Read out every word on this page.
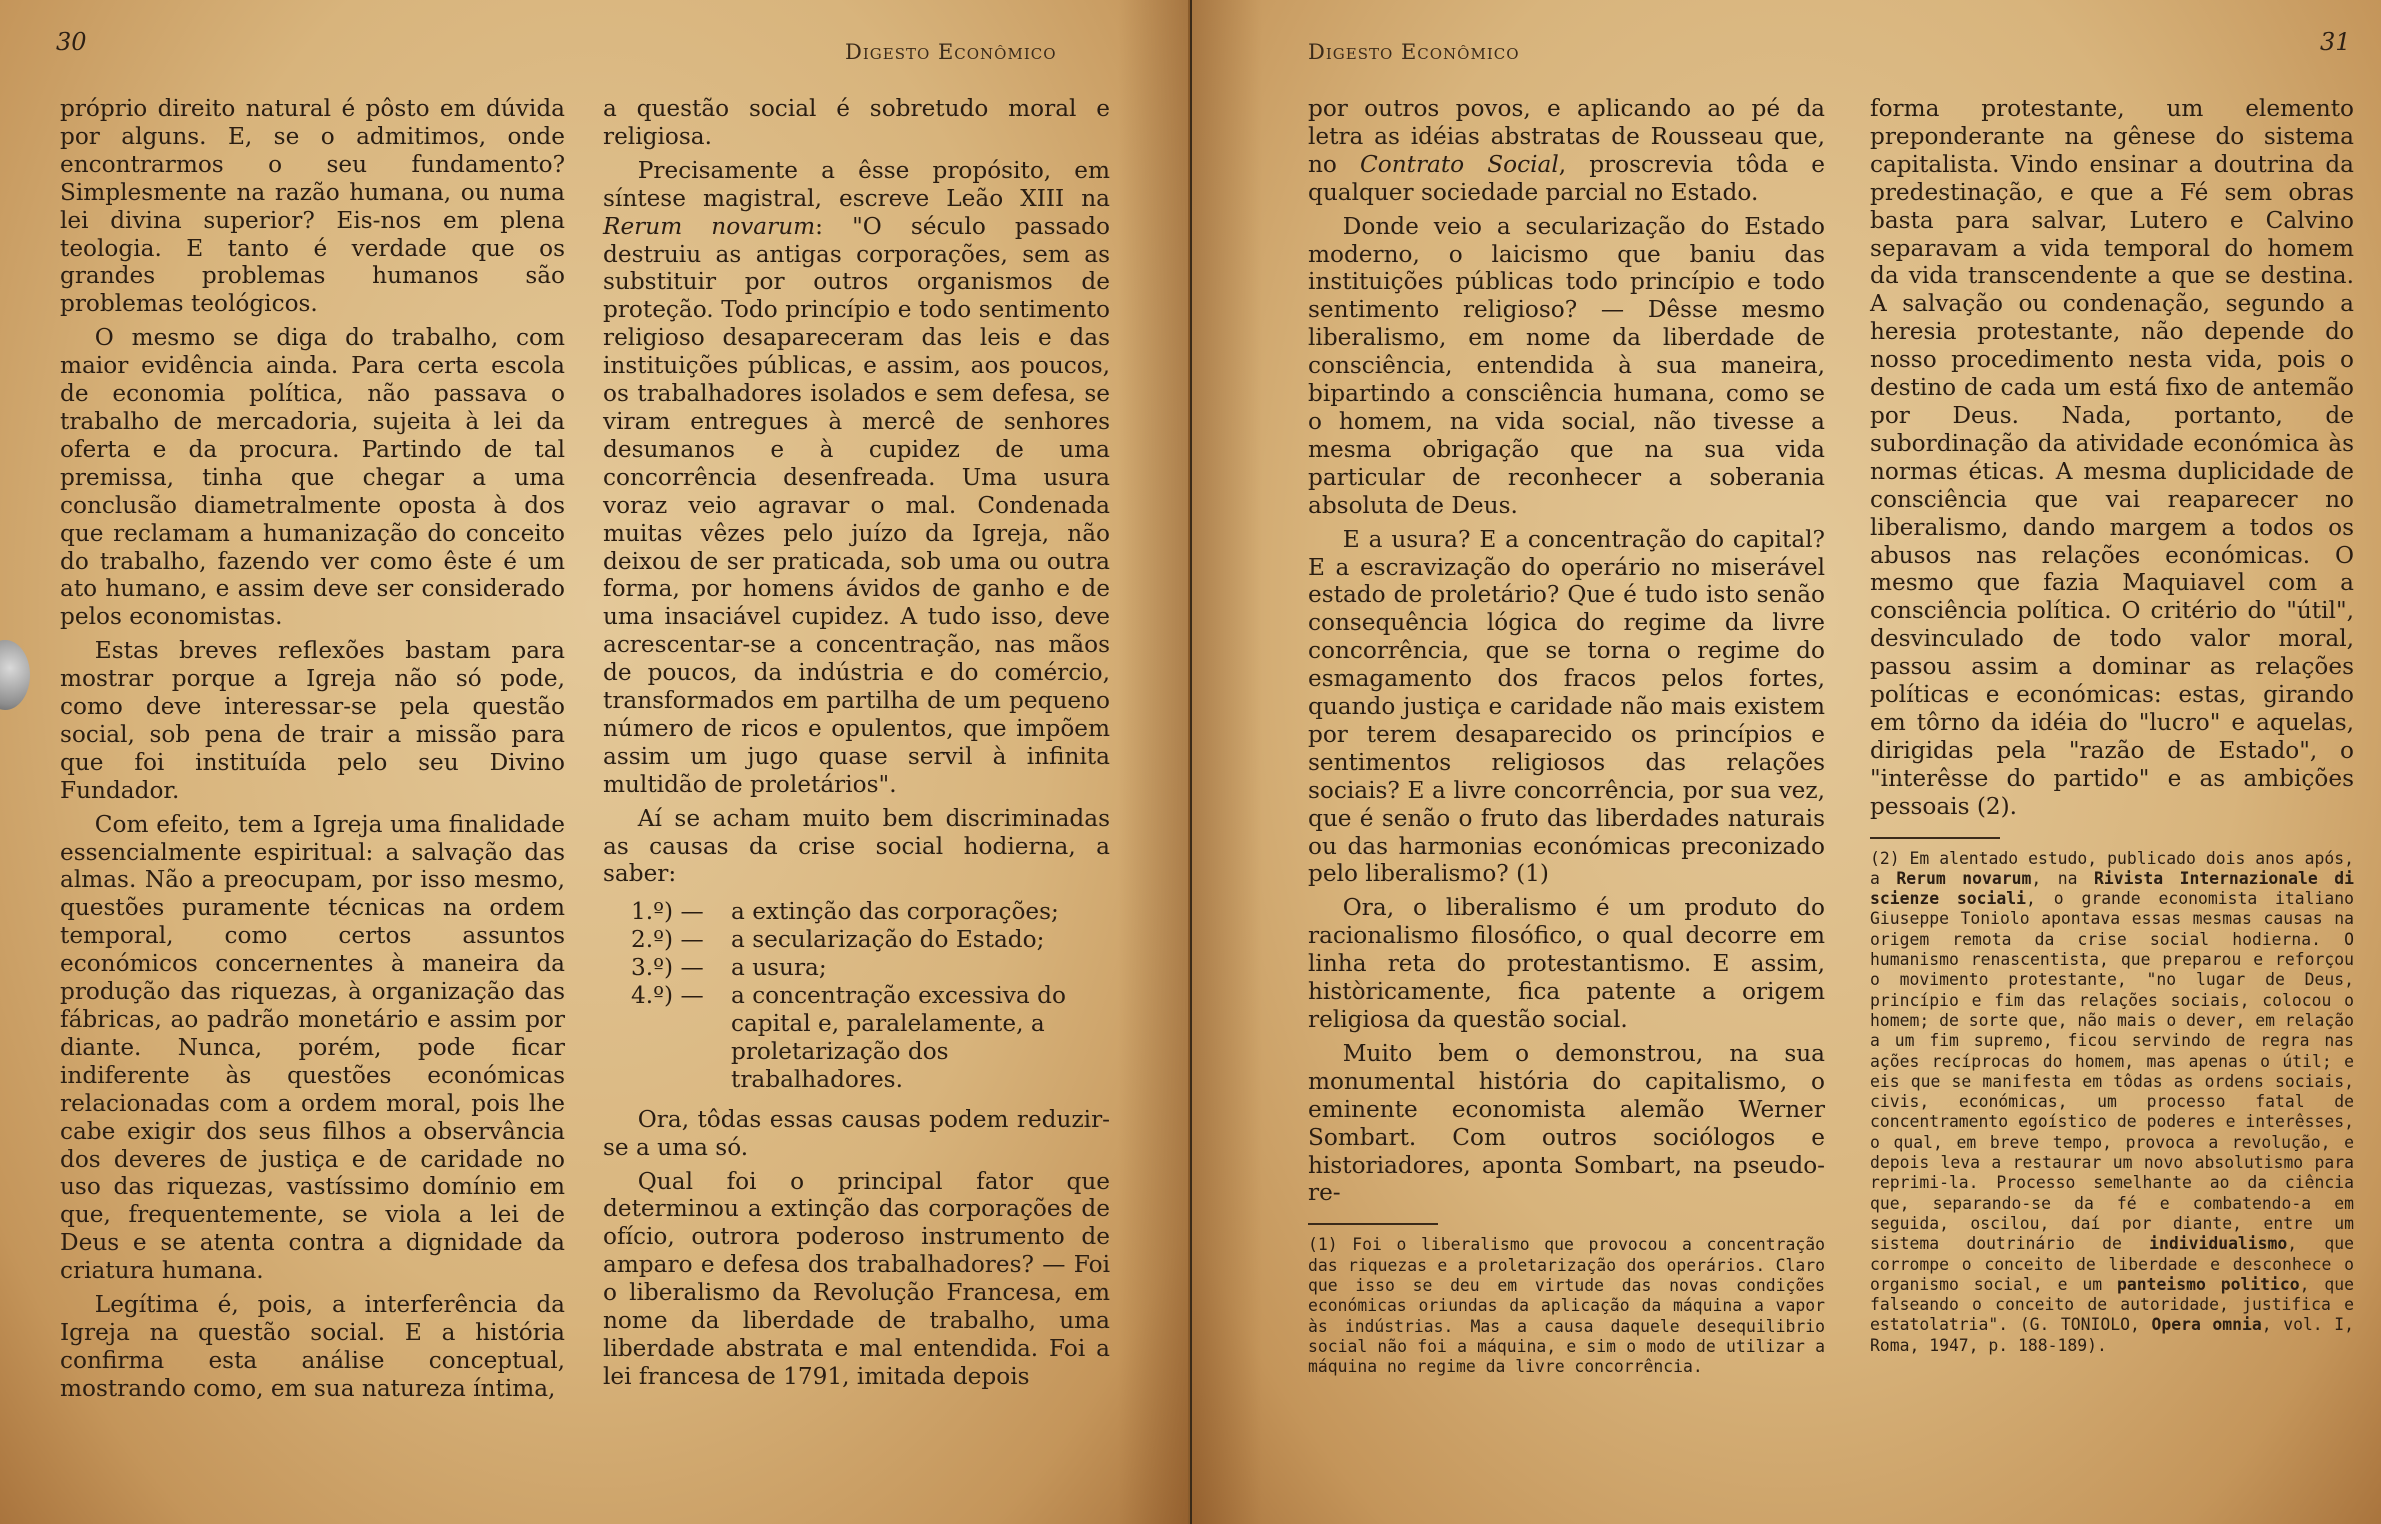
30	Digesto Econômico

próprio direito natural é pôsto em dúvida por alguns. E, se o admitimos, onde encontrarmos o seu fundamento? Simplesmente na razão humana, ou numa lei divina superior? Eis-nos em plena teologia. E tanto é verdade que os grandes problemas humanos são problemas teológicos.

O mesmo se diga do trabalho, com maior evidência ainda. Para certa escola de economia política, não passava o trabalho de mercadoria, sujeita à lei da oferta e da procura. Partindo de tal premissa, tinha que chegar a uma conclusão diametralmente oposta à dos que reclamam a humanização do conceito do trabalho, fazendo ver como êste é um ato humano, e assim deve ser considerado pelos economistas.

Estas breves reflexões bastam para mostrar porque a Igreja não só pode, como deve interessar-se pela questão social, sob pena de trair a missão para que foi instituída pelo seu Divino Fundador.

Com efeito, tem a Igreja uma finalidade essencialmente espiritual: a salvação das almas. Não a preocupam, por isso mesmo, questões puramente técnicas na ordem temporal, como certos assuntos económicos concernentes à maneira da produção das riquezas, à organização das fábricas, ao padrão monetário e assim por diante. Nunca, porém, pode ficar indiferente às questões económicas relacionadas com a ordem moral, pois lhe cabe exigir dos seus filhos a observância dos deveres de justiça e de caridade no uso das riquezas, vastíssimo domínio em que, frequentemente, se viola a lei de Deus e se atenta contra a dignidade da criatura humana.

Legítima é, pois, a interferência da Igreja na questão social. E a história confirma esta análise conceptual, mostrando como, em sua natureza íntima,

a questão social é sobretudo moral e religiosa.

Precisamente a êsse propósito, em síntese magistral, escreve Leão XIII na Rerum novarum: "O século passado destruiu as antigas corporações, sem as substituir por outros organismos de proteção. Todo princípio e todo sentimento religioso desapareceram das leis e das instituições públicas, e assim, aos poucos, os trabalhadores isolados e sem defesa, se viram entregues à mercê de senhores desumanos e à cupidez de uma concorrência desenfreada. Uma usura voraz veio agravar o mal. Condenada muitas vêzes pelo juízo da Igreja, não deixou de ser praticada, sob uma ou outra forma, por homens ávidos de ganho e de uma insaciável cupidez. A tudo isso, deve acrescentar-se a concentração, nas mãos de poucos, da indústria e do comércio, transformados em partilha de um pequeno número de ricos e opulentos, que impõem assim um jugo quase servil à infinita multidão de proletários".

Aí se acham muito bem discriminadas as causas da crise social hodierna, a saber:

1.º) —	a extinção das corporações;
2.º) —	a secularização do Estado;
3.º) —	a usura;
4.º) —	a concentração excessiva do capital e, paralelamente, a proletarização dos trabalhadores.

Ora, tôdas essas causas podem reduzir-se a uma só.

Qual foi o principal fator que determinou a extinção das corporações de ofício, outrora poderoso instrumento de amparo e defesa dos trabalhadores? — Foi o liberalismo da Revolução Francesa, em nome da liberdade de trabalho, uma liberdade abstrata e mal entendida. Foi a lei francesa de 1791, imitada depois

Digesto Econômico	31

por outros povos, e aplicando ao pé da letra as idéias abstratas de Rousseau que, no Contrato Social, proscrevia tôda e qualquer sociedade parcial no Estado.

Donde veio a secularização do Estado moderno, o laicismo que baniu das instituições públicas todo princípio e todo sentimento religioso? — Dêsse mesmo liberalismo, em nome da liberdade de consciência, entendida à sua maneira, bipartindo a consciência humana, como se o homem, na vida social, não tivesse a mesma obrigação que na sua vida particular de reconhecer a soberania absoluta de Deus.

E a usura? E a concentração do capital? E a escravização do operário no miserável estado de proletário? Que é tudo isto senão consequência lógica do regime da livre concorrência, que se torna o regime do esmagamento dos fracos pelos fortes, quando justiça e caridade não mais existem por terem desaparecido os princípios e sentimentos religiosos das relações sociais? E a livre concorrência, por sua vez, que é senão o fruto das liberdades naturais ou das harmonias económicas preconizado pelo liberalismo? (1)

Ora, o liberalismo é um produto do racionalismo filosófico, o qual decorre em linha reta do protestantismo. E assim, històricamente, fica patente a origem religiosa da questão social.

Muito bem o demonstrou, na sua monumental história do capitalismo, o eminente economista alemão Werner Sombart. Com outros sociólogos e historiadores, aponta Sombart, na pseudo-re-

(1) Foi o liberalismo que provocou a concentração das riquezas e a proletarização dos operários. Claro que isso se deu em virtude das novas condições económicas oriundas da aplicação da máquina a vapor às indústrias. Mas a causa daquele desequilibrio social não foi a máquina, e sim o modo de utilizar a máquina no regime da livre concorrência.

forma protestante, um elemento preponderante na gênese do sistema capitalista. Vindo ensinar a doutrina da predestinação, e que a Fé sem obras basta para salvar, Lutero e Calvino separavam a vida temporal do homem da vida transcendente a que se destina. A salvação ou condenação, segundo a heresia protestante, não depende do nosso procedimento nesta vida, pois o destino de cada um está fixo de antemão por Deus. Nada, portanto, de subordinação da atividade económica às normas éticas. A mesma duplicidade de consciência que vai reaparecer no liberalismo, dando margem a todos os abusos nas relações económicas. O mesmo que fazia Maquiavel com a consciência política. O critério do "útil", desvinculado de todo valor moral, passou assim a dominar as relações políticas e económicas: estas, girando em tôrno da idéia do "lucro" e aquelas, dirigidas pela "razão de Estado", o "interêsse do partido" e as ambições pessoais (2).

(2) Em alentado estudo, publicado dois anos após, a Rerum novarum, na Rivista Internazionale di scienze sociali, o grande economista italiano Giuseppe Toniolo apontava essas mesmas causas na origem remota da crise social hodierna. O humanismo renascentista, que preparou e reforçou o movimento protestante, "no lugar de Deus, princípio e fim das relações sociais, colocou o homem; de sorte que, não mais o dever, em relação a um fim supremo, ficou servindo de regra nas ações recíprocas do homem, mas apenas o útil; e eis que se manifesta em tôdas as ordens sociais, civis, económicas, um processo fatal de concentramento egoístico de poderes e interêsses, o qual, em breve tempo, provoca a revolução, e depois leva a restaurar um novo absolutismo para reprimi-la. Processo semelhante ao da ciência que, separando-se da fé e combatendo-a em seguida, oscilou, daí por diante, entre um sistema doutrinário de individualismo, que corrompe o conceito de liberdade e desconhece o organismo social, e um panteismo politico, que falseando o conceito de autoridade, justifica e estatolatria". (G. TONIOLO, Opera omnia, vol. I, Roma, 1947, p. 188-189).
